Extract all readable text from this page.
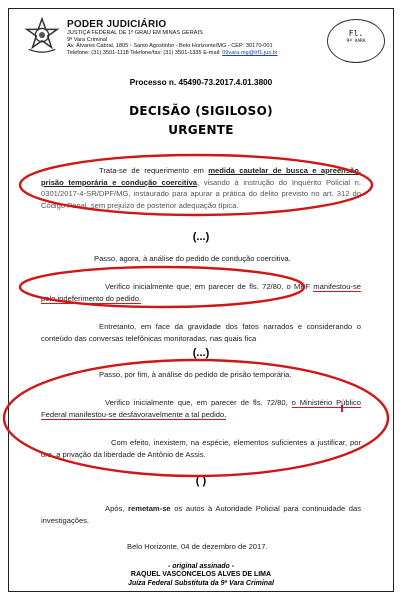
PODER JUDICIÁRIO
JUSTIÇA FEDERAL DE 1º GRAU EM MINAS GERAIS
9ª Vara Criminal
Av. Álvares Cabral, 1805 - Santo Agostinho - Belo Horizonte/MG - CEP: 30170-001
Telefone: (31) 3501-1118 Telefone/fax: (31) 3501-1335 E-mail: 09vara.mg@trf1.jus.br
Fl.
9ª VARA
Processo n. 45490-73.2017.4.01.3800
DECISÃO (SIGILOSO)
URGENTE
Trata-se de requerimento em medida cautelar de busca e apreensão, prisão temporária e condução coercitiva, visando à instrução do Inquérito Policial n. 0301/2017-4-SR/DPF/MG, instaurado para apurar a prática do delito previsto no art. 312 do Código Penal, sem prejuízo de posterior adequação típica.
(...)
Passo, agora, à análise do pedido de condução coercitiva.
Verifico inicialmente que, em parecer de fls. 72/80, o MPF manifestou-se pelo indeferimento do pedido.
Entretanto, em face da gravidade dos fatos narrados e considerando o conteúdo das conversas telefônicas monitoradas, nas quais fica
(...)
Passo, por fim, à análise do pedido de prisão temporária.
Verifico inicialmente que, em parecer de fls. 72/80, o Ministério Público Federal manifestou-se desfavoravelmente a tal pedido.
Com efeito, inexistem, na espécie, elementos suficientes a justificar, por ora, a privação da liberdade de Antônio de Assis.
( )
Após, remetam-se os autos à Autoridade Policial para continuidade das investigações.
Belo Horizonte, 04 de dezembro de 2017.
- original assinado -
RAQUEL VASCONCELOS ALVES DE LIMA
Juíza Federal Substituta da 9ª Vara Criminal
